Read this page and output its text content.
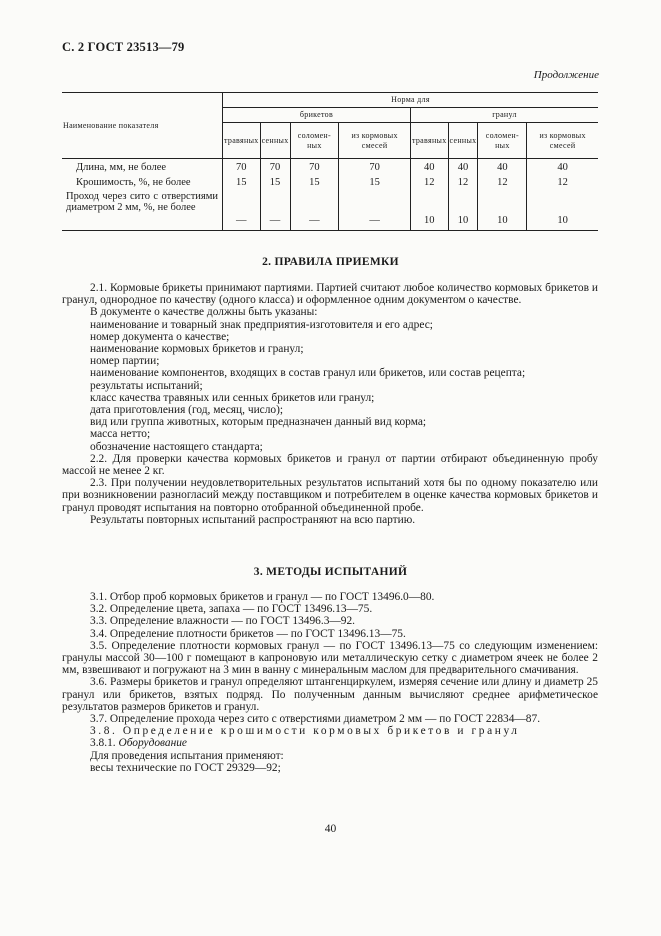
С. 2 ГОСТ 23513—79
Продолжение
Наименование показателя	Норма для							
	брикетов				гранул			
	травяных	сенных	соломен-ных	из кормовых смесей	травяных	сенных	соломен-ных	из кормовых смесей
Длина, мм, не более	70	70	70	70	40	40	40	40
Крошимость, %, не более	15	15	15	15	12	12	12	12
Проход через сито с отверстиями диаметром 2 мм, %, не более	—	—	—	—	10	10	10	10
2. ПРАВИЛА ПРИЕМКИ

2.1. Кормовые брикеты принимают партиями. Партией считают любое количество кормовых брикетов и гранул, однородное по качеству (одного класса) и оформленное одним документом о качестве.

В документе о качестве должны быть указаны:

наименование и товарный знак предприятия-изготовителя и его адрес;

номер документа о качестве;

наименование кормовых брикетов и гранул;

номер партии;

наименование компонентов, входящих в состав гранул или брикетов, или состав рецепта;

результаты испытаний;

класс качества травяных или сенных брикетов или гранул;

дата приготовления (год, месяц, число);

вид или группа животных, которым предназначен данный вид корма;

масса нетто;

обозначение настоящего стандарта;

2.2. Для проверки качества кормовых брикетов и гранул от партии отбирают объединенную пробу массой не менее 2 кг.

2.3. При получении неудовлетворительных результатов испытаний хотя бы по одному показателю или при возникновении разногласий между поставщиком и потребителем в оценке качества кормовых брикетов и гранул проводят испытания на повторно отобранной объединенной пробе.

Результаты повторных испытаний распространяют на всю партию.

3. МЕТОДЫ ИСПЫТАНИЙ

3.1. Отбор проб кормовых брикетов и гранул — по ГОСТ 13496.0—80.

3.2. Определение цвета, запаха — по ГОСТ 13496.13—75.

3.3. Определение влажности — по ГОСТ 13496.3—92.

3.4. Определение плотности брикетов — по ГОСТ 13496.13—75.

3.5. Определение плотности кормовых гранул — по ГОСТ 13496.13—75 со следующим изменением: гранулы массой 30—100 г помещают в капроновую или металлическую сетку с диаметром ячеек не более 2 мм, взвешивают и погружают на 3 мин в ванну с минеральным маслом для предварительного смачивания.

3.6. Размеры брикетов и гранул определяют штангенциркулем, измеряя сечение или длину и диаметр 25 гранул или брикетов, взятых подряд. По полученным данным вычисляют среднее арифметическое результатов размеров брикетов и гранул.

3.7. Определение прохода через сито с отверстиями диаметром 2 мм — по ГОСТ 22834—87.

3.8. Определение крошимости кормовых брикетов и гранул

3.8.1. Оборудование

Для проведения испытания применяют:

весы технические по ГОСТ 29329—92;

40
